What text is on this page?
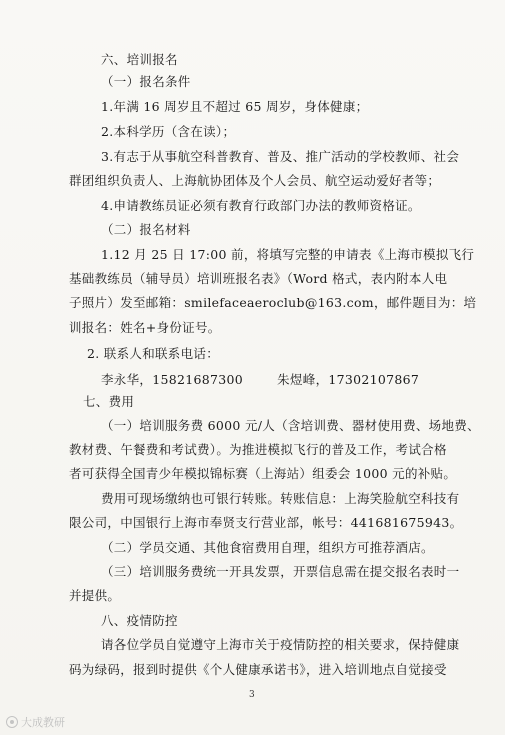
六、培训报名
（一）报名条件
1.年满 16 周岁且不超过 65 周岁，身体健康；
2.本科学历（含在读）；
3.有志于从事航空科普教育、普及、推广活动的学校教师、社会
群团组织负责人、上海航协团体及个人会员、航空运动爱好者等；
4.申请教练员证必须有教育行政部门办法的教师资格证。
（二）报名材料
1.12 月 25 日 17:00 前，将填写完整的申请表《上海市模拟飞行
基础教练员（辅导员）培训班报名表》（Word 格式，表内附本人电
子照片）发至邮箱：smilefaceaeroclub@163.com，邮件题目为：培
训报名：姓名+身份证号。
2. 联系人和联系电话：
李永华，15821687300        朱煜峰，17302107867
七、费用
（一）培训服务费 6000 元/人（含培训费、器材使用费、场地费、
教材费、午餐费和考试费）。为推进模拟飞行的普及工作，考试合格
者可获得全国青少年模拟锦标赛（上海站）组委会 1000 元的补贴。
费用可现场缴纳也可银行转账。转账信息：上海笑脸航空科技有
限公司，中国银行上海市奉贤支行营业部，帐号：441681675943。
（二）学员交通、其他食宿费用自理，组织方可推荐酒店。
（三）培训服务费统一开具发票，开票信息需在提交报名表时一
并提供。
八、疫情防控
请各位学员自觉遵守上海市关于疫情防控的相关要求，保持健康
码为绿码，报到时提供《个人健康承诺书》，进入培训地点自觉接受
3
大成教研
